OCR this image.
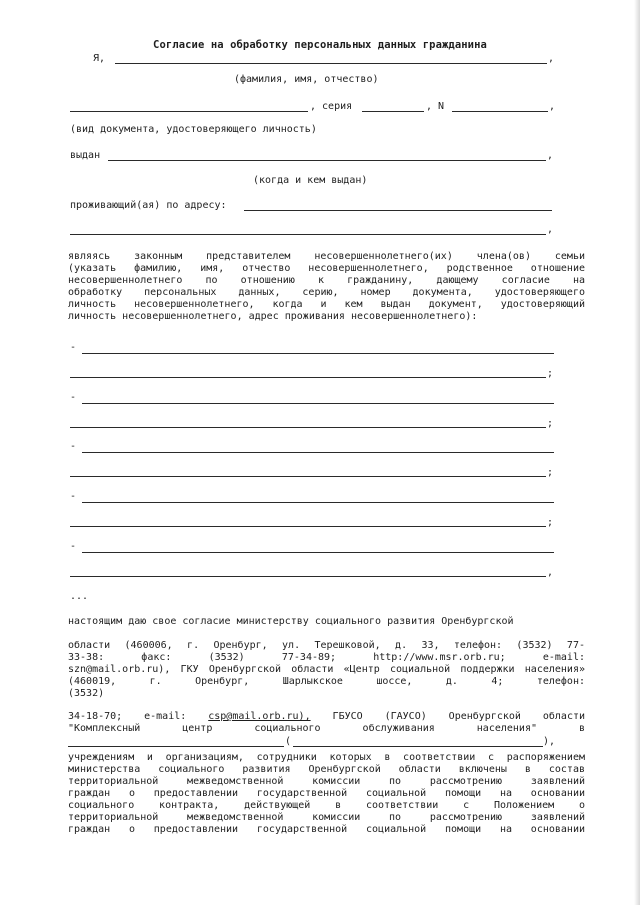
Согласие на обработку персональных данных гражданина
Я,	,
(фамилия, имя, отчество)
, серия	, N	,
(вид документа, удостоверяющего личность)
выдан	,
(когда и кем выдан)
проживающий(ая) по адресу:
,
являясь законным представителем несовершеннолетнего(их) члена(ов) семьи
(указать фамилию, имя, отчество несовершеннолетнего, родственное отношение
несовершеннолетнего по отношению к гражданину, дающему согласие на
обработку персональных данных, серию, номер документа, удостоверяющего
личность несовершеннолетнего, когда и кем выдан документ, удостоверяющий
личность несовершеннолетнего, адрес проживания несовершеннолетнего):
-
;
-
;
-
;
-
;
-
,
...
настоящим даю свое согласие министерству социального развития Оренбургской
области (460006, г. Оренбург, ул. Терешковой, д. 33, телефон: (3532) 77-
33-38: факс: (3532) 77-34-89; http://www.msr.orb.ru; e-mail:
szn@mail.orb.ru), ГКУ Оренбургской области «Центр социальной поддержки населения»
(460019, г. Оренбург, Шарлыкское шоссе, д. 4; телефон:
(3532)
34-18-70; e-mail: csp@mail.orb.ru), ГБУСО (ГАУСО) Оренбургской области
"Комплексный центр социального обслуживания населения" в
(	),
учреждениям и организациям, сотрудники которых в соответствии с распоряжением
министерства социального развития Оренбургской области включены в состав
территориальной межведомственной комиссии по рассмотрению заявлений
граждан о предоставлении государственной социальной помощи на основании
социального контракта, действующей в соответствии с Положением о
территориальной межведомственной комиссии по рассмотрению заявлений
граждан о предоставлении государственной социальной помощи на основании
